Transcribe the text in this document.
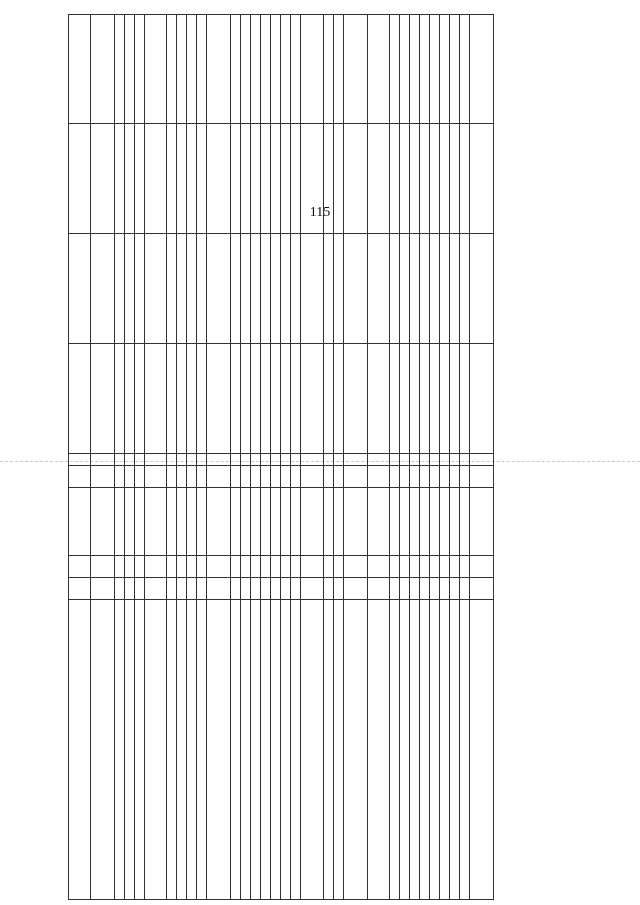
115
